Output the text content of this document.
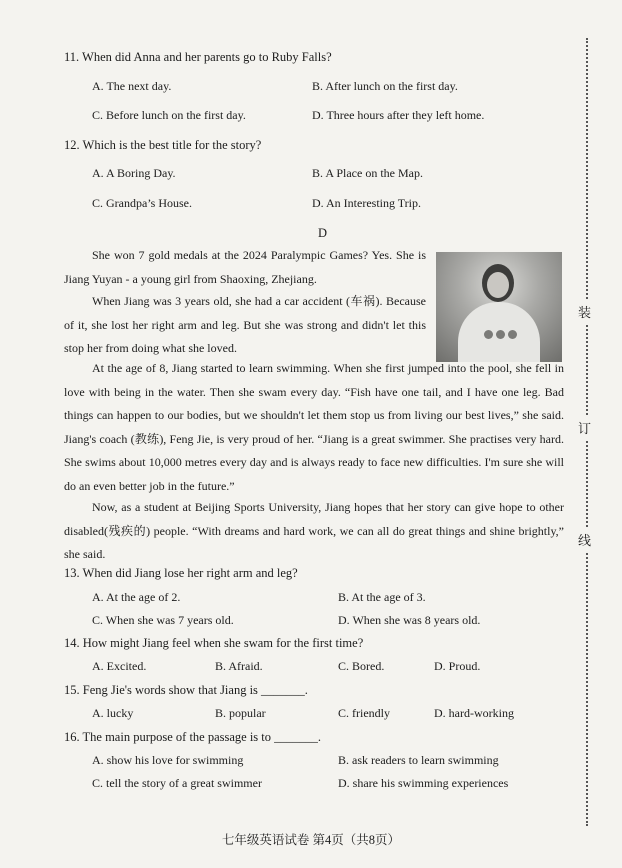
11. When did Anna and her parents go to Ruby Falls?
A. The next day.	B. After lunch on the first day.
C. Before lunch on the first day.	D. Three hours after they left home.
12. Which is the best title for the story?
A. A Boring Day.	B. A Place on the Map.
C. Grandpa’s House.	D. An Interesting Trip.
D
She won 7 gold medals at the 2024 Paralympic Games? Yes. She is Jiang Yuyan - a young girl from Shaoxing, Zhejiang.
When Jiang was 3 years old, she had a car accident (车祸). Because of it, she lost her right arm and leg. But she was strong and didn't let this stop her from doing what she loved.
At the age of 8, Jiang started to learn swimming. When she first jumped into the pool, she fell in love with being in the water. Then she swam every day. “Fish have one tail, and I have one leg. Bad things can happen to our bodies, but we shouldn't let them stop us from living our best lives,” she said. Jiang's coach (教练), Feng Jie, is very proud of her. “Jiang is a great swimmer. She practises very hard. She swims about 10,000 metres every day and is always ready to face new difficulties. I'm sure she will do an even better job in the future.”
Now, as a student at Beijing Sports University, Jiang hopes that her story can give hope to other disabled(残疾的) people. “With dreams and hard work, we can all do great things and shine brightly,” she said.
13. When did Jiang lose her right arm and leg?
A. At the age of 2.	B. At the age of 3.
C. When she was 7 years old.	D. When she was 8 years old.
14. How might Jiang feel when she swam for the first time?
A. Excited.	B. Afraid.	C. Bored.	D. Proud.
15. Feng Jie's words show that Jiang is _______.
A. lucky	B. popular	C. friendly	D. hard-working
16. The main purpose of the passage is to _______.
A. show his love for swimming	B. ask readers to learn swimming
C. tell the story of a great swimmer	D. share his swimming experiences
装
订
线
七年级英语试卷 第4页（共8页）
